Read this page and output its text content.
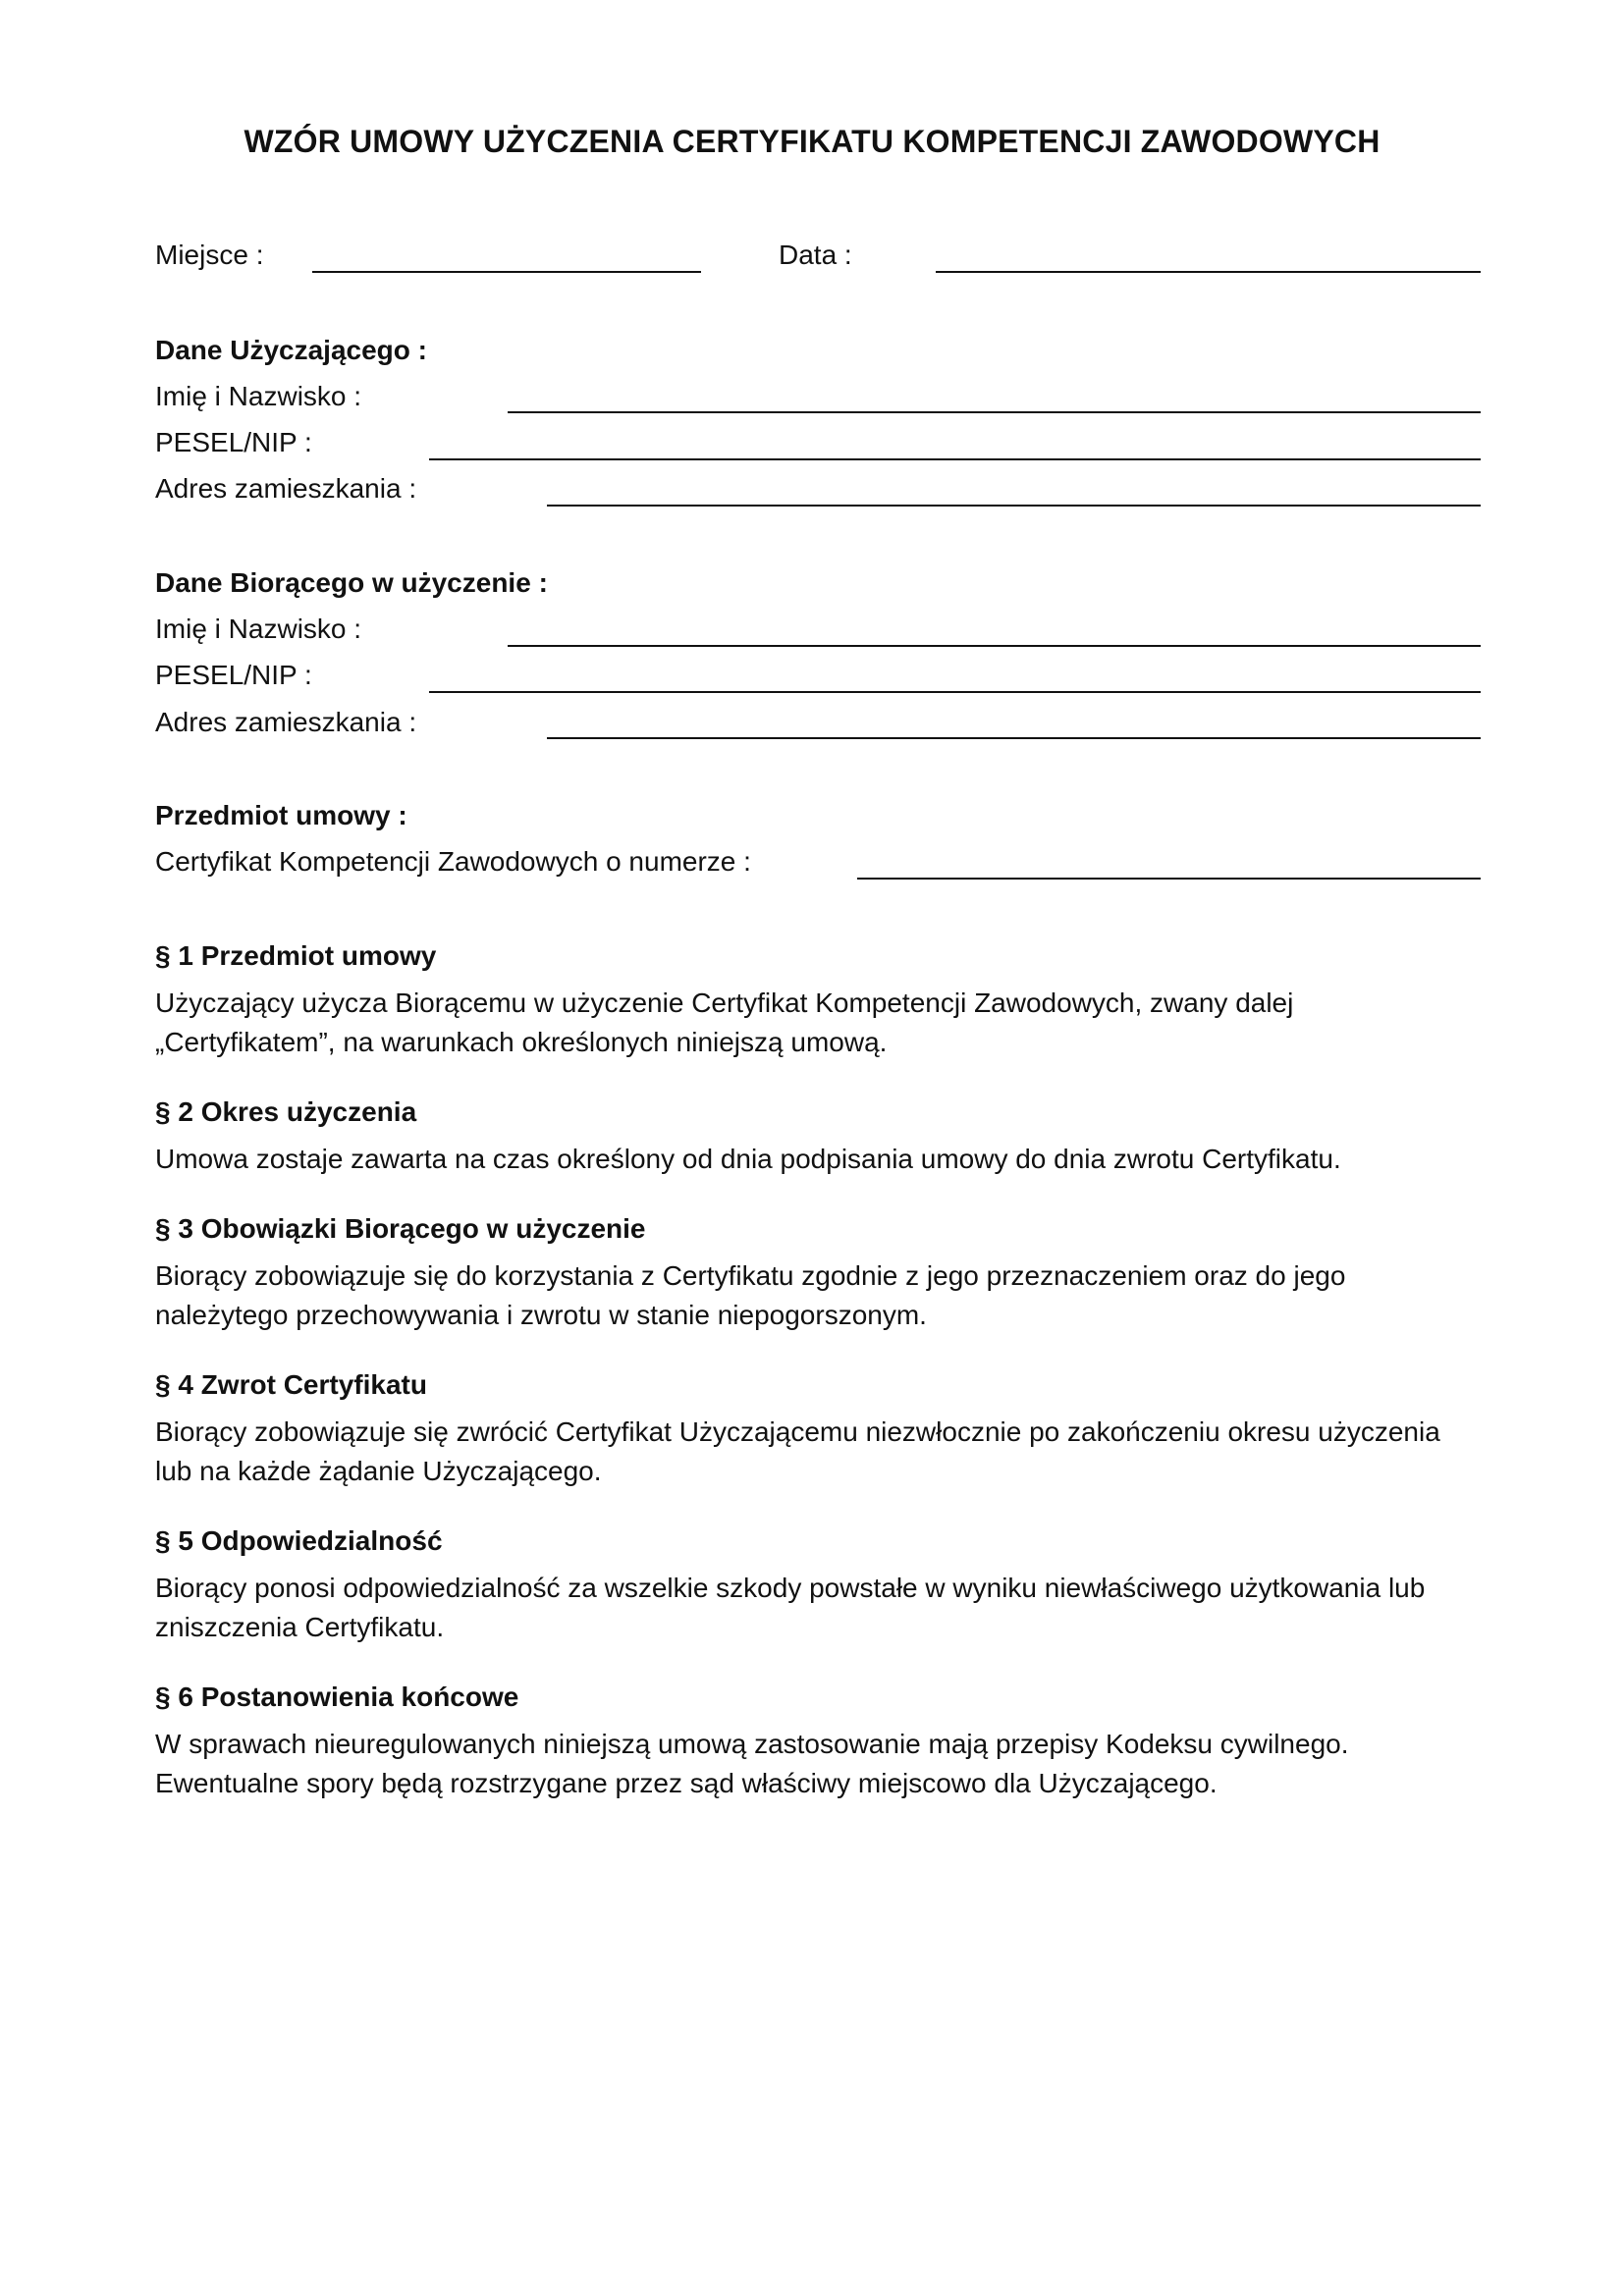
WZÓR UMOWY UŻYCZENIA CERTYFIKATU KOMPETENCJI ZAWODOWYCH
Miejsce :	Data :
Dane Użyczającego :
Imię i Nazwisko :
PESEL/NIP :
Adres zamieszkania :
Dane Biorącego w użyczenie :
Imię i Nazwisko :
PESEL/NIP :
Adres zamieszkania :
Przedmiot umowy :
Certyfikat Kompetencji Zawodowych o numerze :
§ 1 Przedmiot umowy

Użyczający użycza Biorącemu w użyczenie Certyfikat Kompetencji Zawodowych, zwany dalej

„Certyfikatem”, na warunkach określonych niniejszą umową.

§ 2 Okres użyczenia

Umowa zostaje zawarta na czas określony od dnia podpisania umowy do dnia zwrotu Certyfikatu.

§ 3 Obowiązki Biorącego w użyczenie

Biorący zobowiązuje się do korzystania z Certyfikatu zgodnie z jego przeznaczeniem oraz do jego

należytego przechowywania i zwrotu w stanie niepogorszonym.

§ 4 Zwrot Certyfikatu

Biorący zobowiązuje się zwrócić Certyfikat Użyczającemu niezwłocznie po zakończeniu okresu użyczenia

lub na każde żądanie Użyczającego.

§ 5 Odpowiedzialność

Biorący ponosi odpowiedzialność za wszelkie szkody powstałe w wyniku niewłaściwego użytkowania lub

zniszczenia Certyfikatu.

§ 6 Postanowienia końcowe

W sprawach nieuregulowanych niniejszą umową zastosowanie mają przepisy Kodeksu cywilnego.

Ewentualne spory będą rozstrzygane przez sąd właściwy miejscowo dla Użyczającego.
